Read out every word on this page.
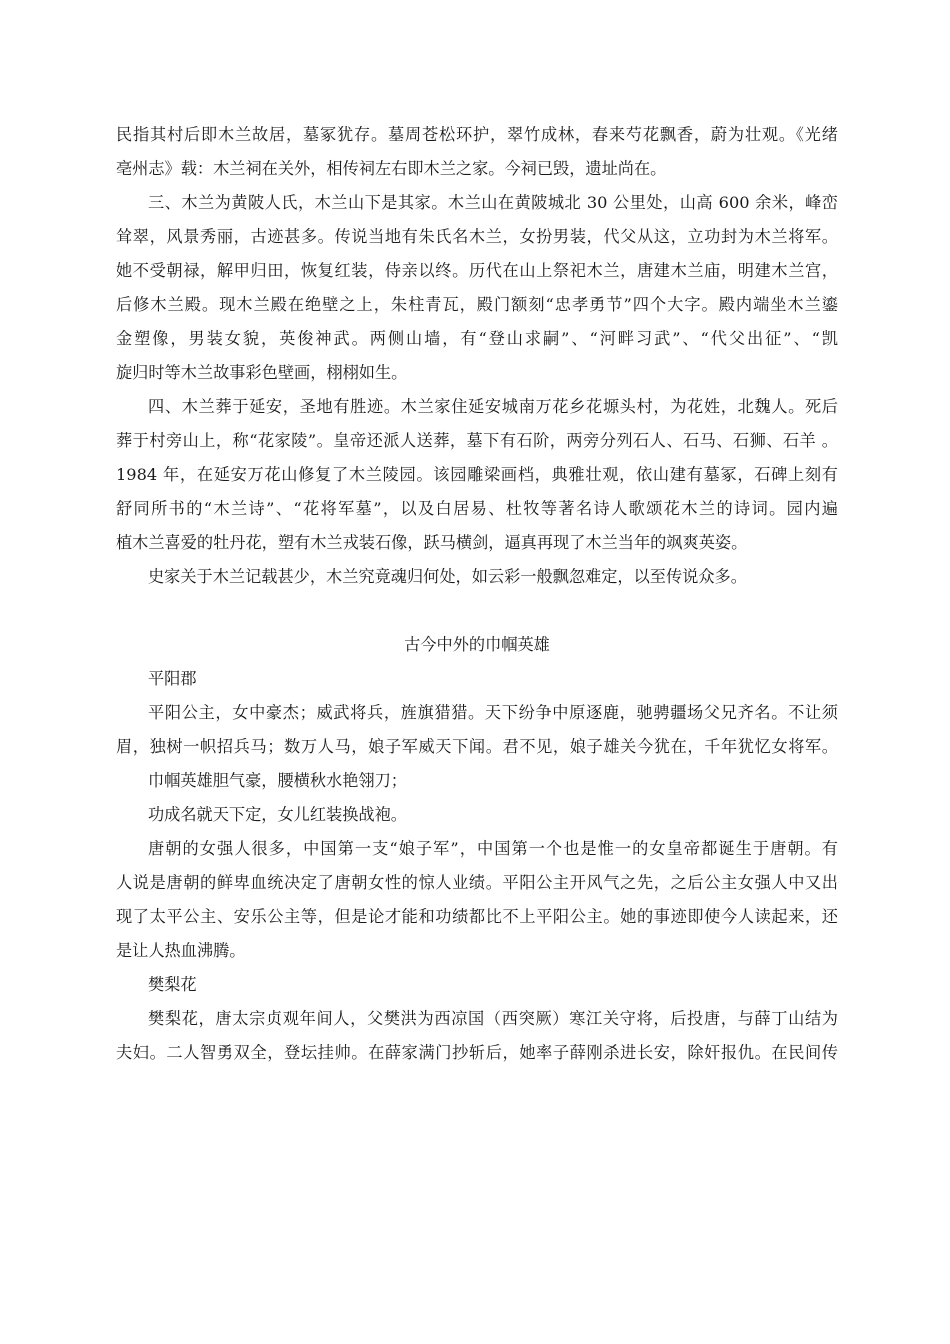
民指其村后即木兰故居，墓冢犹存。墓周苍松环护，翠竹成林，春来芍花飘香，蔚为壮观。《光绪
亳州志》载：木兰祠在关外，相传祠左右即木兰之家。今祠已毁，遗址尚在。
三、木兰为黄陂人氏，木兰山下是其家。木兰山在黄陂城北 30 公里处，山高 600 余米，峰峦
耸翠，风景秀丽，古迹甚多。传说当地有朱氏名木兰，女扮男装，代父从这，立功封为木兰将军。
她不受朝禄，解甲归田，恢复红装，侍亲以终。历代在山上祭祀木兰，唐建木兰庙，明建木兰宫，
后修木兰殿。现木兰殿在绝壁之上，朱柱青瓦，殿门额刻“忠孝勇节”四个大字。殿内端坐木兰鎏
金塑像，男装女貌，英俊神武。两侧山墙，有“登山求嗣”、“河畔习武”、“代父出征”、“凯
旋归时等木兰故事彩色壁画，栩栩如生。
四、木兰葬于延安，圣地有胜迹。木兰家住延安城南万花乡花塬头村，为花姓，北魏人。死后
葬于村旁山上，称“花家陵”。皇帝还派人送葬，墓下有石阶，两旁分列石人、石马、石狮、石羊 。
1984 年，在延安万花山修复了木兰陵园。该园雕梁画档，典雅壮观，依山建有墓冢，石碑上刻有
舒同所书的“木兰诗”、“花将军墓”，以及白居易、杜牧等著名诗人歌颂花木兰的诗词。园内遍
植木兰喜爱的牡丹花，塑有木兰戎装石像，跃马横剑，逼真再现了木兰当年的飒爽英姿。
史家关于木兰记载甚少，木兰究竟魂归何处，如云彩一般飘忽难定，以至传说众多。
古今中外的巾帼英雄
平阳郡
平阳公主，女中豪杰；威武将兵，旌旗猎猎。天下纷争中原逐鹿，驰骋疆场父兄齐名。不让须
眉，独树一帜招兵马；数万人马，娘子军威天下闻。君不见，娘子雄关今犹在，千年犹忆女将军。
巾帼英雄胆气豪，腰横秋水艳翎刀；
功成名就天下定，女儿红装换战袍。
唐朝的女强人很多，中国第一支“娘子军”，中国第一个也是惟一的女皇帝都诞生于唐朝。有
人说是唐朝的鲜卑血统决定了唐朝女性的惊人业绩。平阳公主开风气之先，之后公主女强人中又出
现了太平公主、安乐公主等，但是论才能和功绩都比不上平阳公主。她的事迹即使今人读起来，还
是让人热血沸腾。
樊梨花
樊梨花，唐太宗贞观年间人，父樊洪为西凉国（西突厥）寒江关守将，后投唐，与薛丁山结为
夫妇。二人智勇双全，登坛挂帅。在薛家满门抄斩后，她率子薛刚杀进长安，除奸报仇。在民间传
